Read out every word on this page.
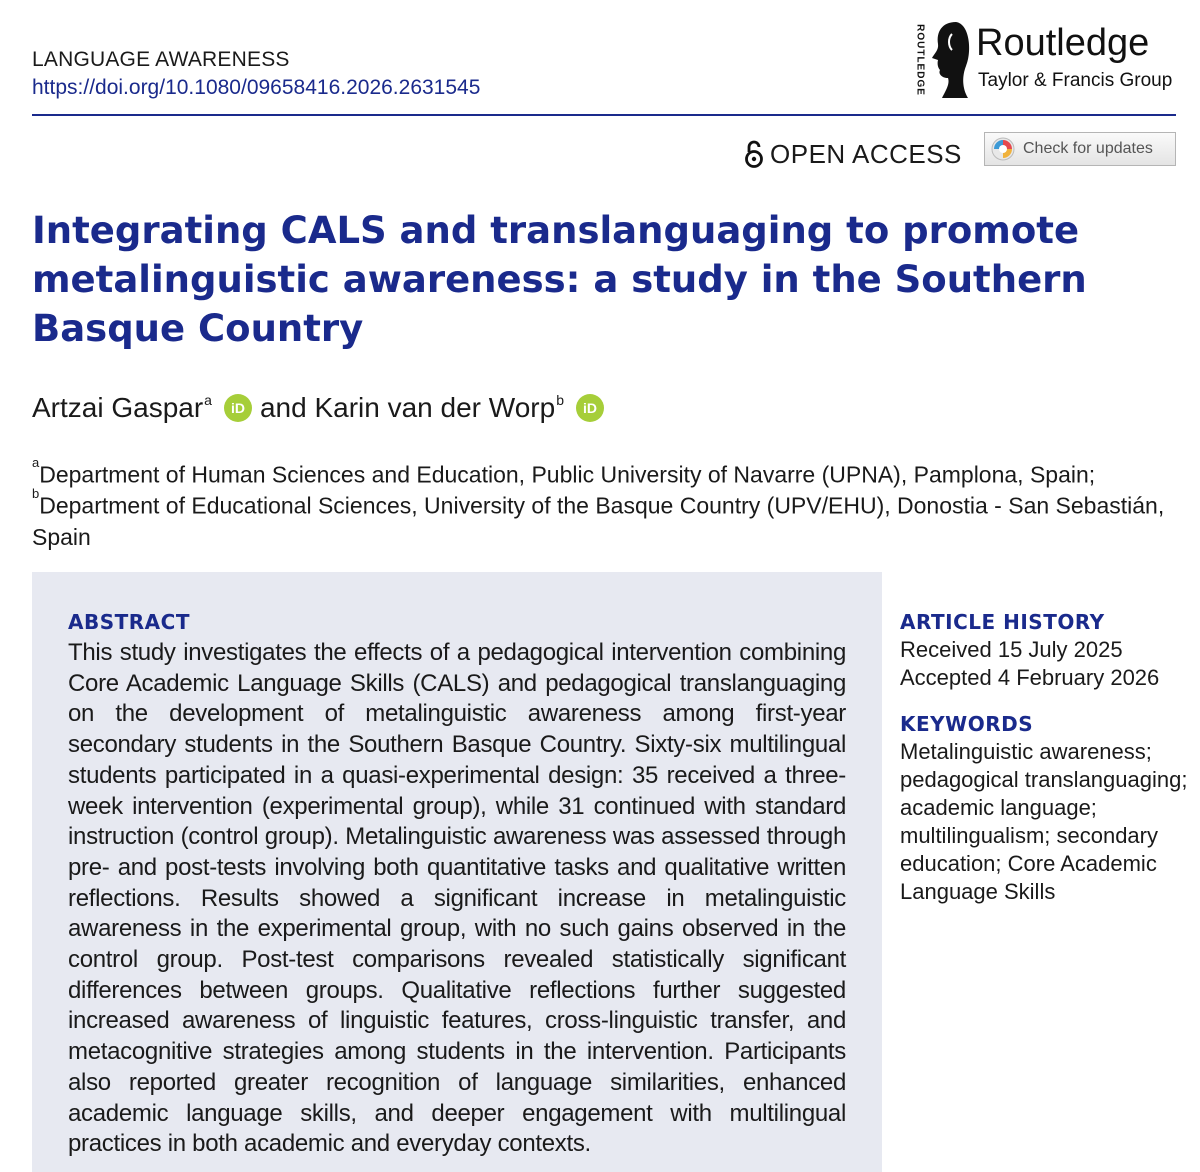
LANGUAGE AWARENESS
https://doi.org/10.1080/09658416.2026.2631545	ROUTLEDGE Routledge
Taylor & Francis Group
OPEN ACCESS	Check for updates
Integrating CALS and translanguaging to promote metalinguistic awareness: a study in the Southern Basque Country
Artzai Gaspar$^a$	iD and
Karin van der Worp$^b$	iD
$^a$Department of Human Sciences and Education, Public University of Navarre (UPNA), Pamplona, Spain;
$^b$Department of Educational Sciences, University of the Basque Country (UPV/EHU), Donostia - San Sebastián, Spain
ABSTRACT

This study investigates the effects of a pedagogical intervention combining Core Academic Language Skills (CALS) and pedagogical translanguaging on the development of metalinguistic awareness among first-year secondary students in the Southern Basque Country. Sixty-six multilingual students participated in a quasi-experimental design: 35 received a three-week intervention (experimental group), while 31 continued with standard instruction (control group). Metalinguistic awareness was assessed through pre- and post-tests involving both quantitative tasks and qualitative written reflections. Results showed a significant increase in metalinguistic awareness in the experimental group, with no such gains observed in the control group. Post-test comparisons revealed statistically significant differences between groups. Qualitative reflections further suggested increased awareness of linguistic features, cross-linguistic transfer, and metacognitive strategies among students in the intervention. Participants also reported greater recognition of language similarities, enhanced academic language skills, and deeper engagement with multilingual practices in both academic and everyday contexts.

ARTICLE HISTORY
Received 15 July 2025
Accepted 4 February 2026
KEYWORDS
Metalinguistic awareness; pedagogical translanguaging; academic language; multilingualism; secondary education; Core Academic Language Skills
